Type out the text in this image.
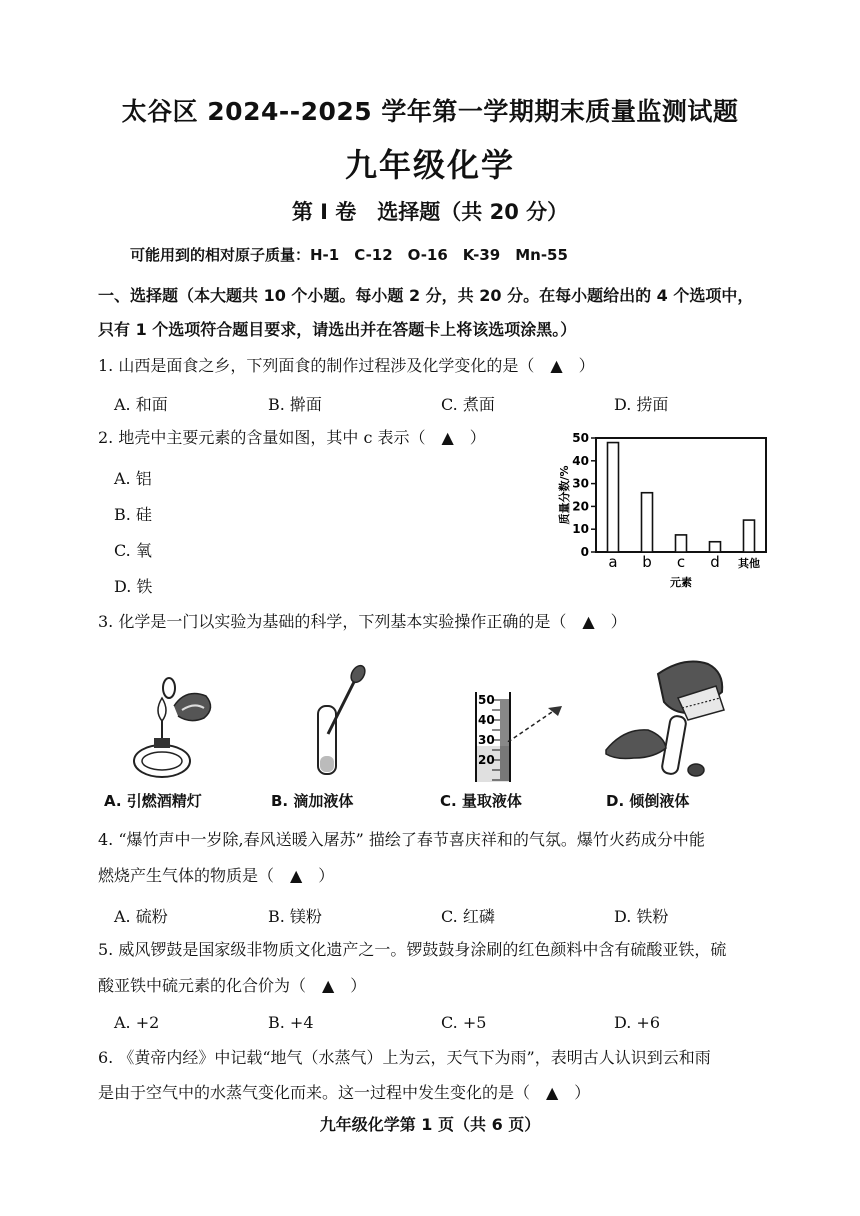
太谷区 2024--2025 学年第一学期期末质量监测试题
九年级化学
第 I 卷　选择题（共 20 分）
可能用到的相对原子质量：H-1　C-12　O-16　K-39　Mn-55
一、选择题（本大题共 10 个小题。每小题 2 分，共 20 分。在每小题给出的 4 个选项中，
只有 1 个选项符合题目要求，请选出并在答题卡上将该选项涂黑。）
1. 山西是面食之乡，下列面食的制作过程涉及化学变化的是（　▲　）
A. 和面	B. 擀面	C. 煮面	D. 捞面
2. 地壳中主要元素的含量如图，其中 c 表示（　▲　）
A. 铝
B. 硅
C. 氧
D. 铁
0
10
20
30
40
50
a b c d 其他
元素
质量分数/%
3. 化学是一门以实验为基础的科学，下列基本实验操作正确的是（　▲　）
50
40
30
20
A. 引燃酒精灯	B. 滴加液体	C. 量取液体	D. 倾倒液体
4. “爆竹声中一岁除,春风送暖入屠苏” 描绘了春节喜庆祥和的气氛。爆竹火药成分中能
燃烧产生气体的物质是（　▲　）
A. 硫粉	B. 镁粉	C. 红磷	D. 铁粉
5. 威风锣鼓是国家级非物质文化遗产之一。锣鼓鼓身涂刷的红色颜料中含有硫酸亚铁，硫
酸亚铁中硫元素的化合价为（　▲　）
A. +2	B. +4	C. +5	D. +6
6. 《黄帝内经》中记载“地气（水蒸气）上为云，天气下为雨”，表明古人认识到云和雨
是由于空气中的水蒸气变化而来。这一过程中发生变化的是（　▲　）
九年级化学第 1 页（共 6 页）
